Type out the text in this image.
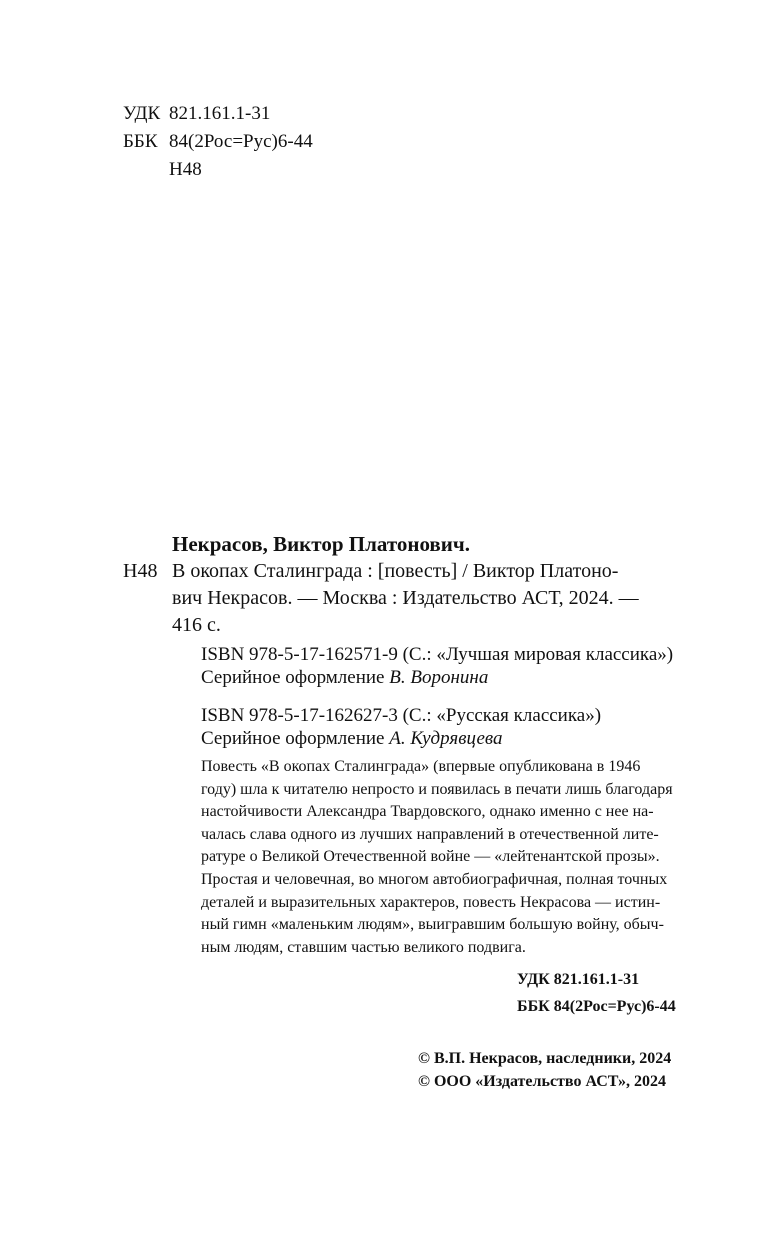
УДК 821.161.1-31
ББК 84(2Рос=Рус)6-44
Н48
Некрасов, Виктор Платонович.
Н48 В окопах Сталинграда : [повесть] / Виктор Платоно-
вич Некрасов. — Москва : Издательство АСТ, 2024. —
416 с.
ISBN 978-5-17-162571-9 (С.: «Лучшая мировая классика»)
Серийное оформление В. Воронина
ISBN 978-5-17-162627-3 (С.: «Русская классика»)
Серийное оформление А. Кудрявцева
Повесть «В окопах Сталинграда» (впервые опубликована в 1946
году) шла к читателю непросто и появилась в печати лишь благодаря
настойчивости Александра Твардовского, однако именно с нее на-
чалась слава одного из лучших направлений в отечественной лите-
ратуре о Великой Отечественной войне — «лейтенантской прозы».
Простая и человечная, во многом автобиографичная, полная точных
деталей и выразительных характеров, повесть Некрасова — истин-
ный гимн «маленьким людям», выигравшим большую войну, обыч-
ным людям, ставшим частью великого подвига.
УДК 821.161.1-31
ББК 84(2Рос=Рус)6-44
© В.П. Некрасов, наследники, 2024
© ООО «Издательство АСТ», 2024
